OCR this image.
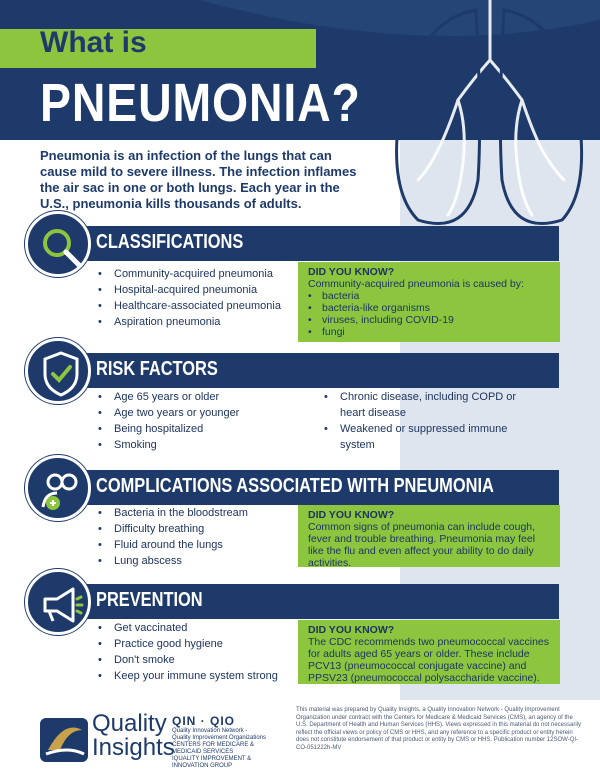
What is
PNEUMONIA?
Pneumonia is an infection of the lungs that can cause mild to severe illness. The infection inflames the air sac in one or both lungs. Each year in the U.S., pneumonia kills thousands of adults.
CLASSIFICATIONS
• Community-acquired pneumonia
• Hospital-acquired pneumonia
• Healthcare-associated pneumonia
• Aspiration pneumonia
DID YOU KNOW?
Community-acquired pneumonia is caused by:
• bacteria
• bacteria-like organisms
• viruses, including COVID-19
• fungi
RISK FACTORS
• Age 65 years or older
• Age two years or younger
• Being hospitalized
• Smoking
• Chronic disease, including COPD or heart disease
• Weakened or suppressed immune system
COMPLICATIONS ASSOCIATED WITH PNEUMONIA
• Bacteria in the bloodstream
• Difficulty breathing
• Fluid around the lungs
• Lung abscess
DID YOU KNOW?
Common signs of pneumonia can include cough, fever and trouble breathing. Pneumonia may feel like the flu and even affect your ability to do daily activities.
PREVENTION
• Get vaccinated
• Practice good hygiene
• Don't smoke
• Keep your immune system strong
DID YOU KNOW?
The CDC recommends two pneumococcal vaccines for adults aged 65 years or older. These include PCV13 (pneumococcal conjugate vaccine) and PPSV23 (pneumococcal polysaccharide vaccine).
Quality
Insights
QIN · QIO
Quality Innovation Network -
Quality Improvement Organizations
CENTERS FOR MEDICARE & MEDICAID SERVICES
IQUALITY IMPROVEMENT & INNOVATION GROUP
This material was prepared by Quality Insights, a Quality Innovation Network - Quality Improvement Organization under contract with the Centers for Medicare & Medicaid Services (CMS), an agency of the U.S. Department of Health and Human Services (HHS). Views expressed in this material do not necessarily reflect the official views or policy of CMS or HHS, and any reference to a specific product or entity herein does not constitute endorsement of that product or entity by CMS or HHS. Publication number 12SOW-QI-CO-051222h-MV
